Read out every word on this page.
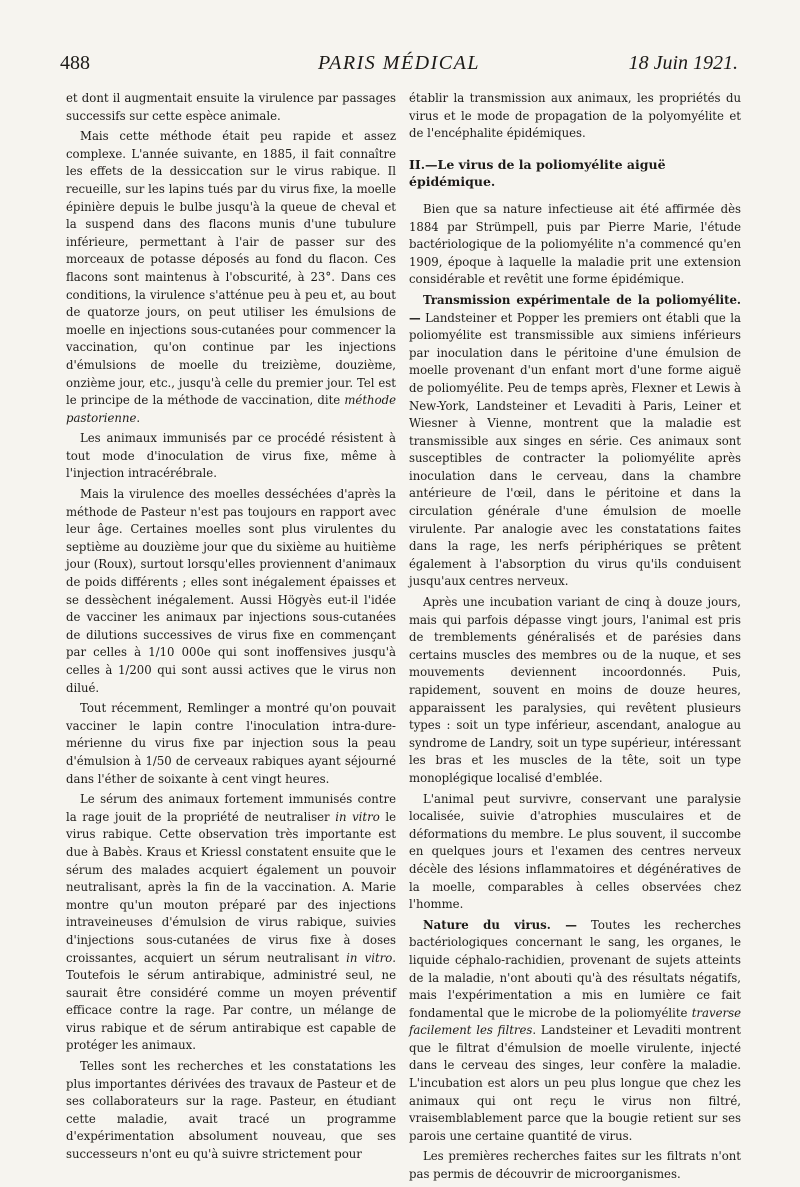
488	PARIS MÉDICAL	18 Juin 1921.

et dont il augmentait ensuite la virulence par passages successifs sur cette espèce animale.

Mais cette méthode était peu rapide et assez complexe. L'année suivante, en 1885, il fait connaître les effets de la dessiccation sur le virus rabique. Il recueille, sur les lapins tués par du virus fixe, la moelle épinière depuis le bulbe jusqu'à la queue de cheval et la suspend dans des flacons munis d'une tubulure inférieure, permettant à l'air de passer sur des morceaux de potasse déposés au fond du flacon. Ces flacons sont maintenus à l'obscurité, à 23°. Dans ces conditions, la virulence s'atténue peu à peu et, au bout de quatorze jours, on peut utiliser les émulsions de moelle en injections sous-cutanées pour commencer la vaccination, qu'on continue par les injections d'émulsions de moelle du treizième, douzième, onzième jour, etc., jusqu'à celle du premier jour. Tel est le principe de la méthode de vaccination, dite méthode pastorienne.

Les animaux immunisés par ce procédé résistent à tout mode d'inoculation de virus fixe, même à l'injection intracérébrale.

Mais la virulence des moelles desséchées d'après la méthode de Pasteur n'est pas toujours en rapport avec leur âge. Certaines moelles sont plus virulentes du septième au douzième jour que du sixième au huitième jour (Roux), surtout lorsqu'elles proviennent d'animaux de poids différents ; elles sont inégalement épaisses et se dessèchent inégalement. Aussi Högyès eut-il l'idée de vacciner les animaux par injections sous-cutanées de dilutions successives de virus fixe en commençant par celles à 1/10 000e qui sont inoffensives jusqu'à celles à 1/200 qui sont aussi actives que le virus non dilué.

Tout récemment, Remlinger a montré qu'on pouvait vacciner le lapin contre l'inoculation intra-dure-mérienne du virus fixe par injection sous la peau d'émulsion à 1/50 de cerveaux rabiques ayant séjourné dans l'éther de soixante à cent vingt heures.

Le sérum des animaux fortement immunisés contre la rage jouit de la propriété de neutraliser in vitro le virus rabique. Cette observation très importante est due à Babès. Kraus et Kriessl constatent ensuite que le sérum des malades acquiert également un pouvoir neutralisant, après la fin de la vaccination. A. Marie montre qu'un mouton préparé par des injections intraveineuses d'émulsion de virus rabique, suivies d'injections sous-cutanées de virus fixe à doses croissantes, acquiert un sérum neutralisant in vitro. Toutefois le sérum antirabique, administré seul, ne saurait être considéré comme un moyen préventif efficace contre la rage. Par contre, un mélange de virus rabique et de sérum antirabique est capable de protéger les animaux.

Telles sont les recherches et les constatations les plus importantes dérivées des travaux de Pasteur et de ses collaborateurs sur la rage. Pasteur, en étudiant cette maladie, avait tracé un programme d'expérimentation absolument nouveau, que ses successeurs n'ont eu qu'à suivre strictement pour

établir la transmission aux animaux, les propriétés du virus et le mode de propagation de la polyomyélite et de l'encéphalite épidémiques.

II.—Le virus de la poliomyélite aiguë épidémique.

Bien que sa nature infectieuse ait été affirmée dès 1884 par Strümpell, puis par Pierre Marie, l'étude bactériologique de la poliomyélite n'a commencé qu'en 1909, époque à laquelle la maladie prit une extension considérable et revêtit une forme épidémique.

Transmission expérimentale de la poliomyélite. — Landsteiner et Popper les premiers ont établi que la poliomyélite est transmissible aux simiens inférieurs par inoculation dans le péritoine d'une émulsion de moelle provenant d'un enfant mort d'une forme aiguë de poliomyélite. Peu de temps après, Flexner et Lewis à New-York, Landsteiner et Levaditi à Paris, Leiner et Wiesner à Vienne, montrent que la maladie est transmissible aux singes en série. Ces animaux sont susceptibles de contracter la poliomyélite après inoculation dans le cerveau, dans la chambre antérieure de l'œil, dans le péritoine et dans la circulation générale d'une émulsion de moelle virulente. Par analogie avec les constatations faites dans la rage, les nerfs périphériques se prêtent également à l'absorption du virus qu'ils conduisent jusqu'aux centres nerveux.

Après une incubation variant de cinq à douze jours, mais qui parfois dépasse vingt jours, l'animal est pris de tremblements généralisés et de parésies dans certains muscles des membres ou de la nuque, et ses mouvements deviennent incoordonnés. Puis, rapidement, souvent en moins de douze heures, apparaissent les paralysies, qui revêtent plusieurs types : soit un type inférieur, ascendant, analogue au syndrome de Landry, soit un type supérieur, intéressant les bras et les muscles de la tête, soit un type monoplégique localisé d'emblée.

L'animal peut survivre, conservant une paralysie localisée, suivie d'atrophies musculaires et de déformations du membre. Le plus souvent, il succombe en quelques jours et l'examen des centres nerveux décèle des lésions inflammatoires et dégénératives de la moelle, comparables à celles observées chez l'homme.

Nature du virus. — Toutes les recherches bactériologiques concernant le sang, les organes, le liquide céphalo-rachidien, provenant de sujets atteints de la maladie, n'ont abouti qu'à des résultats négatifs, mais l'expérimentation a mis en lumière ce fait fondamental que le microbe de la poliomyélite traverse facilement les filtres. Landsteiner et Levaditi montrent que le filtrat d'émulsion de moelle virulente, injecté dans le cerveau des singes, leur confère la maladie. L'incubation est alors un peu plus longue que chez les animaux qui ont reçu le virus non filtré, vraisemblablement parce que la bougie retient sur ses parois une certaine quantité de virus.

Les premières recherches faites sur les filtrats n'ont pas permis de découvrir de microorganismes.
